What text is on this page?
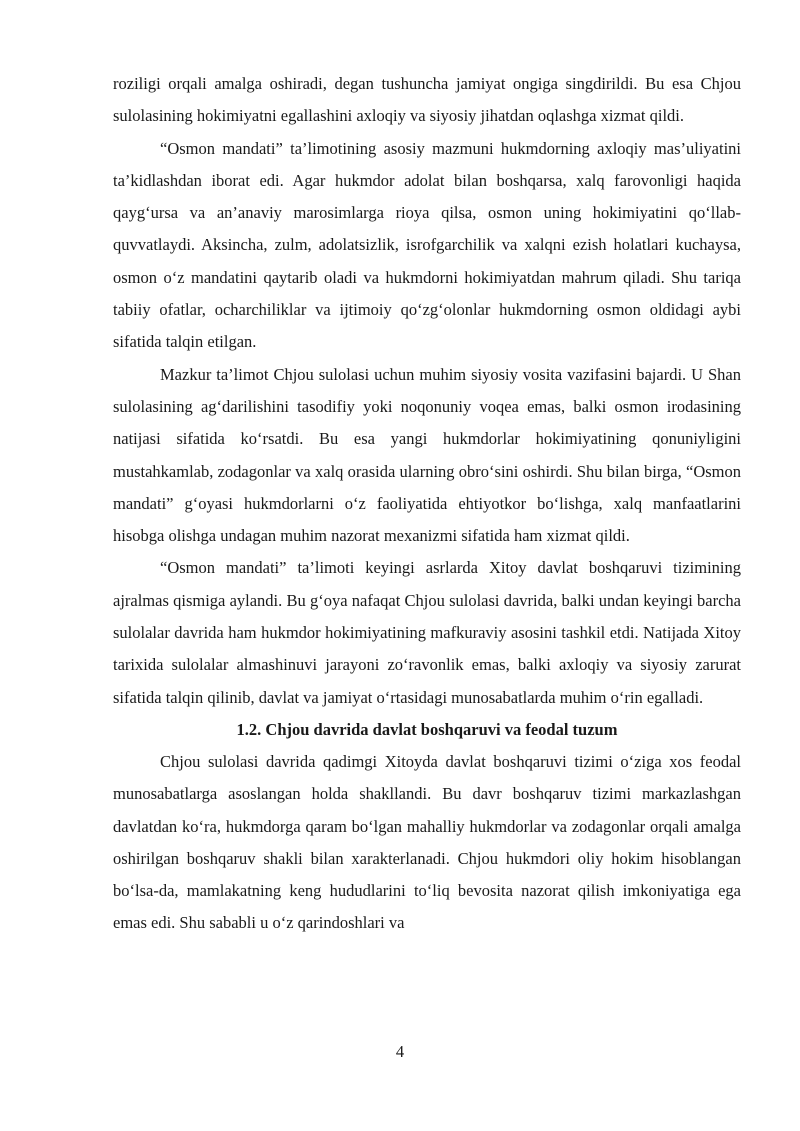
roziligi orqali amalga oshiradi, degan tushuncha jamiyat ongiga singdirildi. Bu esa Chjou sulolasining hokimiyatni egallashini axloqiy va siyosiy jihatdan oqlashga xizmat qildi.

“Osmon mandati” ta’limotining asosiy mazmuni hukmdorning axloqiy mas’uliyatini ta’kidlashdan iborat edi. Agar hukmdor adolat bilan boshqarsa, xalq farovonligi haqida qayg‘ursa va an’anaviy marosimlarga rioya qilsa, osmon uning hokimiyatini qo‘llab-quvvatlaydi. Aksincha, zulm, adolatsizlik, isrofgarchilik va xalqni ezish holatlari kuchaysa, osmon o‘z mandatini qaytarib oladi va hukmdorni hokimiyatdan mahrum qiladi. Shu tariqa tabiiy ofatlar, ocharchiliklar va ijtimoiy qo‘zg‘olonlar hukmdorning osmon oldidagi aybi sifatida talqin etilgan.

Mazkur ta’limot Chjou sulolasi uchun muhim siyosiy vosita vazifasini bajardi. U Shan sulolasining ag‘darilishini tasodifiy yoki noqonuniy voqea emas, balki osmon irodasining natijasi sifatida ko‘rsatdi. Bu esa yangi hukmdorlar hokimiyatining qonuniyligini mustahkamlab, zodagonlar va xalq orasida ularning obro‘sini oshirdi. Shu bilan birga, “Osmon mandati” g‘oyasi hukmdorlarni o‘z faoliyatida ehtiyotkor bo‘lishga, xalq manfaatlarini hisobga olishga undagan muhim nazorat mexanizmi sifatida ham xizmat qildi.

“Osmon mandati” ta’limoti keyingi asrlarda Xitoy davlat boshqaruvi tizimining ajralmas qismiga aylandi. Bu g‘oya nafaqat Chjou sulolasi davrida, balki undan keyingi barcha sulolalar davrida ham hukmdor hokimiyatining mafkuraviy asosini tashkil etdi. Natijada Xitoy tarixida sulolalar almashinuvi jarayoni zo‘ravonlik emas, balki axloqiy va siyosiy zarurat sifatida talqin qilinib, davlat va jamiyat o‘rtasidagi munosabatlarda muhim o‘rin egalladi.

1.2. Chjou davrida davlat boshqaruvi va feodal tuzum

Chjou sulolasi davrida qadimgi Xitoyda davlat boshqaruvi tizimi o‘ziga xos feodal munosabatlarga asoslangan holda shakllandi. Bu davr boshqaruv tizimi markazlashgan davlatdan ko‘ra, hukmdorga qaram bo‘lgan mahalliy hukmdorlar va zodagonlar orqali amalga oshirilgan boshqaruv shakli bilan xarakterlanadi. Chjou hukmdori oliy hokim hisoblangan bo‘lsa-da, mamlakatning keng hududlarini to‘liq bevosita nazorat qilish imkoniyatiga ega emas edi. Shu sababli u o‘z qarindoshlari va

4
